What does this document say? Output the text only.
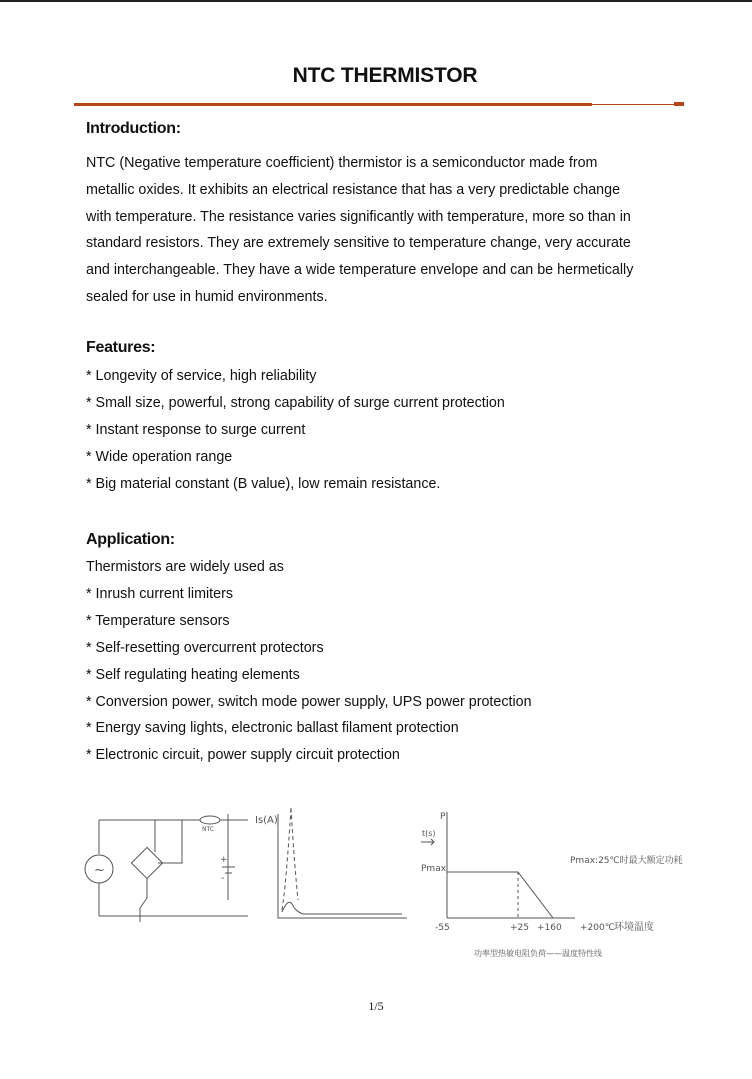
NTC THERMISTOR

Introduction:

NTC (Negative temperature coefficient) thermistor is a semiconductor made from

metallic oxides. It exhibits an electrical resistance that has a very predictable change

with temperature. The resistance varies significantly with temperature, more so than in

standard resistors. They are extremely sensitive to temperature change, very accurate

and interchangeable. They have a wide temperature envelope and can be hermetically

sealed for use in humid environments.

Features:

* Longevity of service, high reliability

* Small size, powerful, strong capability of surge current protection

* Instant response to surge current

* Wide operation range

* Big material constant (B value), low remain resistance.

Application:

Thermistors are widely used as

* Inrush current limiters

* Temperature sensors

* Self-resetting overcurrent protectors

* Self regulating heating elements

* Conversion power, switch mode power supply, UPS power protection

* Energy saving lights, electronic ballast filament protection

* Electronic circuit, power supply circuit protection

~
NTC
+
-
Is(A)	P
t(s)
Pmax
Pmax:25℃时最大额定功耗
-55	+25 +160 +200℃ 环境温度
功率型热敏电阻负荷——温度特性线
1/5
